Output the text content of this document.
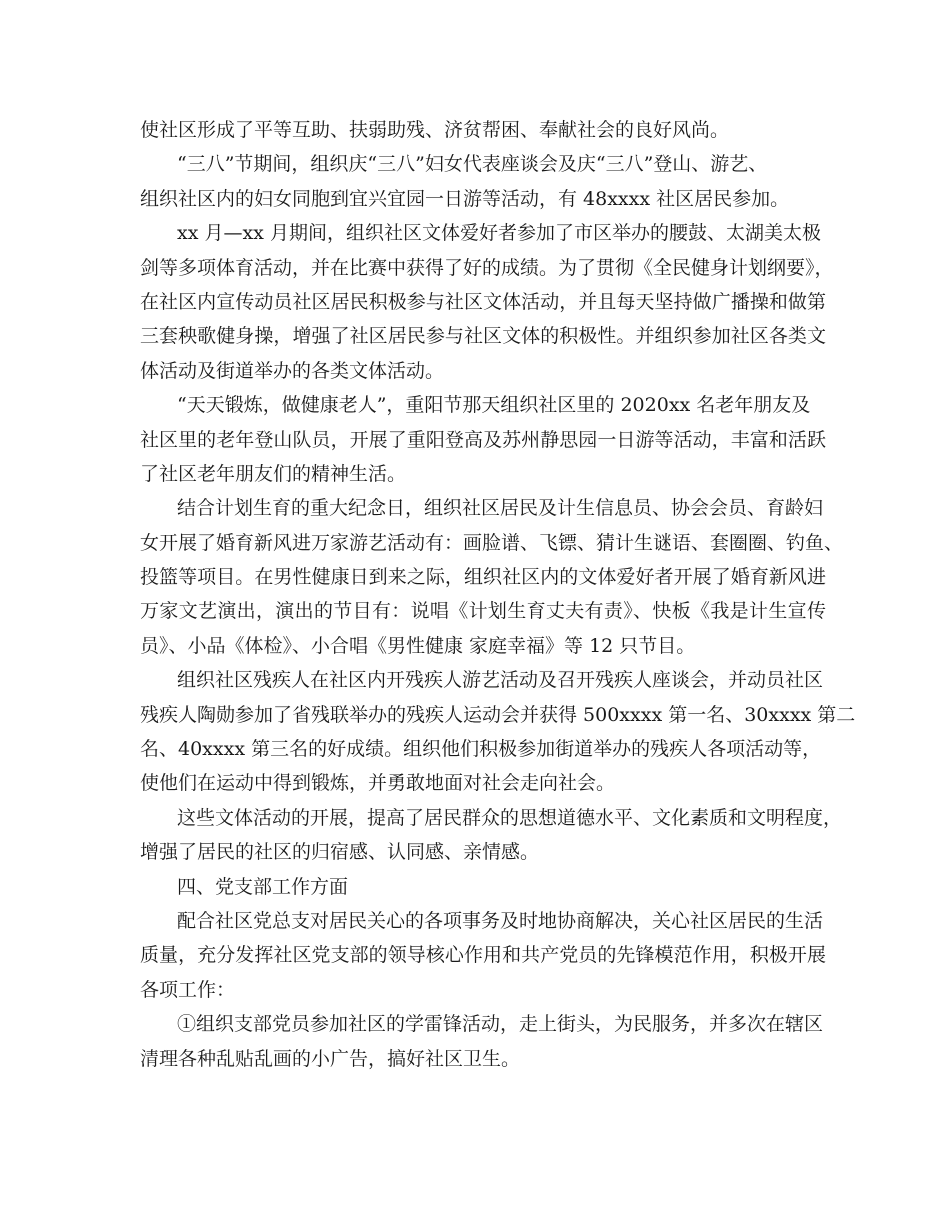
使社区形成了平等互助、扶弱助残、济贫帮困、奉献社会的良好风尚。

“三八”节期间，组织庆“三八”妇女代表座谈会及庆“三八”登山、游艺、

组织社区内的妇女同胞到宜兴宜园一日游等活动，有 48xxxx 社区居民参加。

xx 月—xx 月期间，组织社区文体爱好者参加了市区举办的腰鼓、太湖美太极

剑等多项体育活动，并在比赛中获得了好的成绩。为了贯彻《全民健身计划纲要》，

在社区内宣传动员社区居民积极参与社区文体活动，并且每天坚持做广播操和做第

三套秧歌健身操，增强了社区居民参与社区文体的积极性。并组织参加社区各类文

体活动及街道举办的各类文体活动。

“天天锻炼，做健康老人”，重阳节那天组织社区里的 2020xx 名老年朋友及

社区里的老年登山队员，开展了重阳登高及苏州静思园一日游等活动，丰富和活跃

了社区老年朋友们的精神生活。

结合计划生育的重大纪念日，组织社区居民及计生信息员、协会会员、育龄妇

女开展了婚育新风进万家游艺活动有：画脸谱、飞镖、猜计生谜语、套圈圈、钓鱼、

投篮等项目。在男性健康日到来之际，组织社区内的文体爱好者开展了婚育新风进

万家文艺演出，演出的节目有：说唱《计划生育丈夫有责》、快板《我是计生宣传

员》、小品《体检》、小合唱《男性健康 家庭幸福》等 12 只节目。

组织社区残疾人在社区内开残疾人游艺活动及召开残疾人座谈会，并动员社区

残疾人陶勋参加了省残联举办的残疾人运动会并获得 500xxxx 第一名、30xxxx 第二

名、40xxxx 第三名的好成绩。组织他们积极参加街道举办的残疾人各项活动等，

使他们在运动中得到锻炼，并勇敢地面对社会走向社会。

这些文体活动的开展，提高了居民群众的思想道德水平、文化素质和文明程度，

增强了居民的社区的归宿感、认同感、亲情感。

四、党支部工作方面

配合社区党总支对居民关心的各项事务及时地协商解决，关心社区居民的生活

质量，充分发挥社区党支部的领导核心作用和共产党员的先锋模范作用，积极开展

各项工作：

①组织支部党员参加社区的学雷锋活动，走上街头，为民服务，并多次在辖区

清理各种乱贴乱画的小广告，搞好社区卫生。
